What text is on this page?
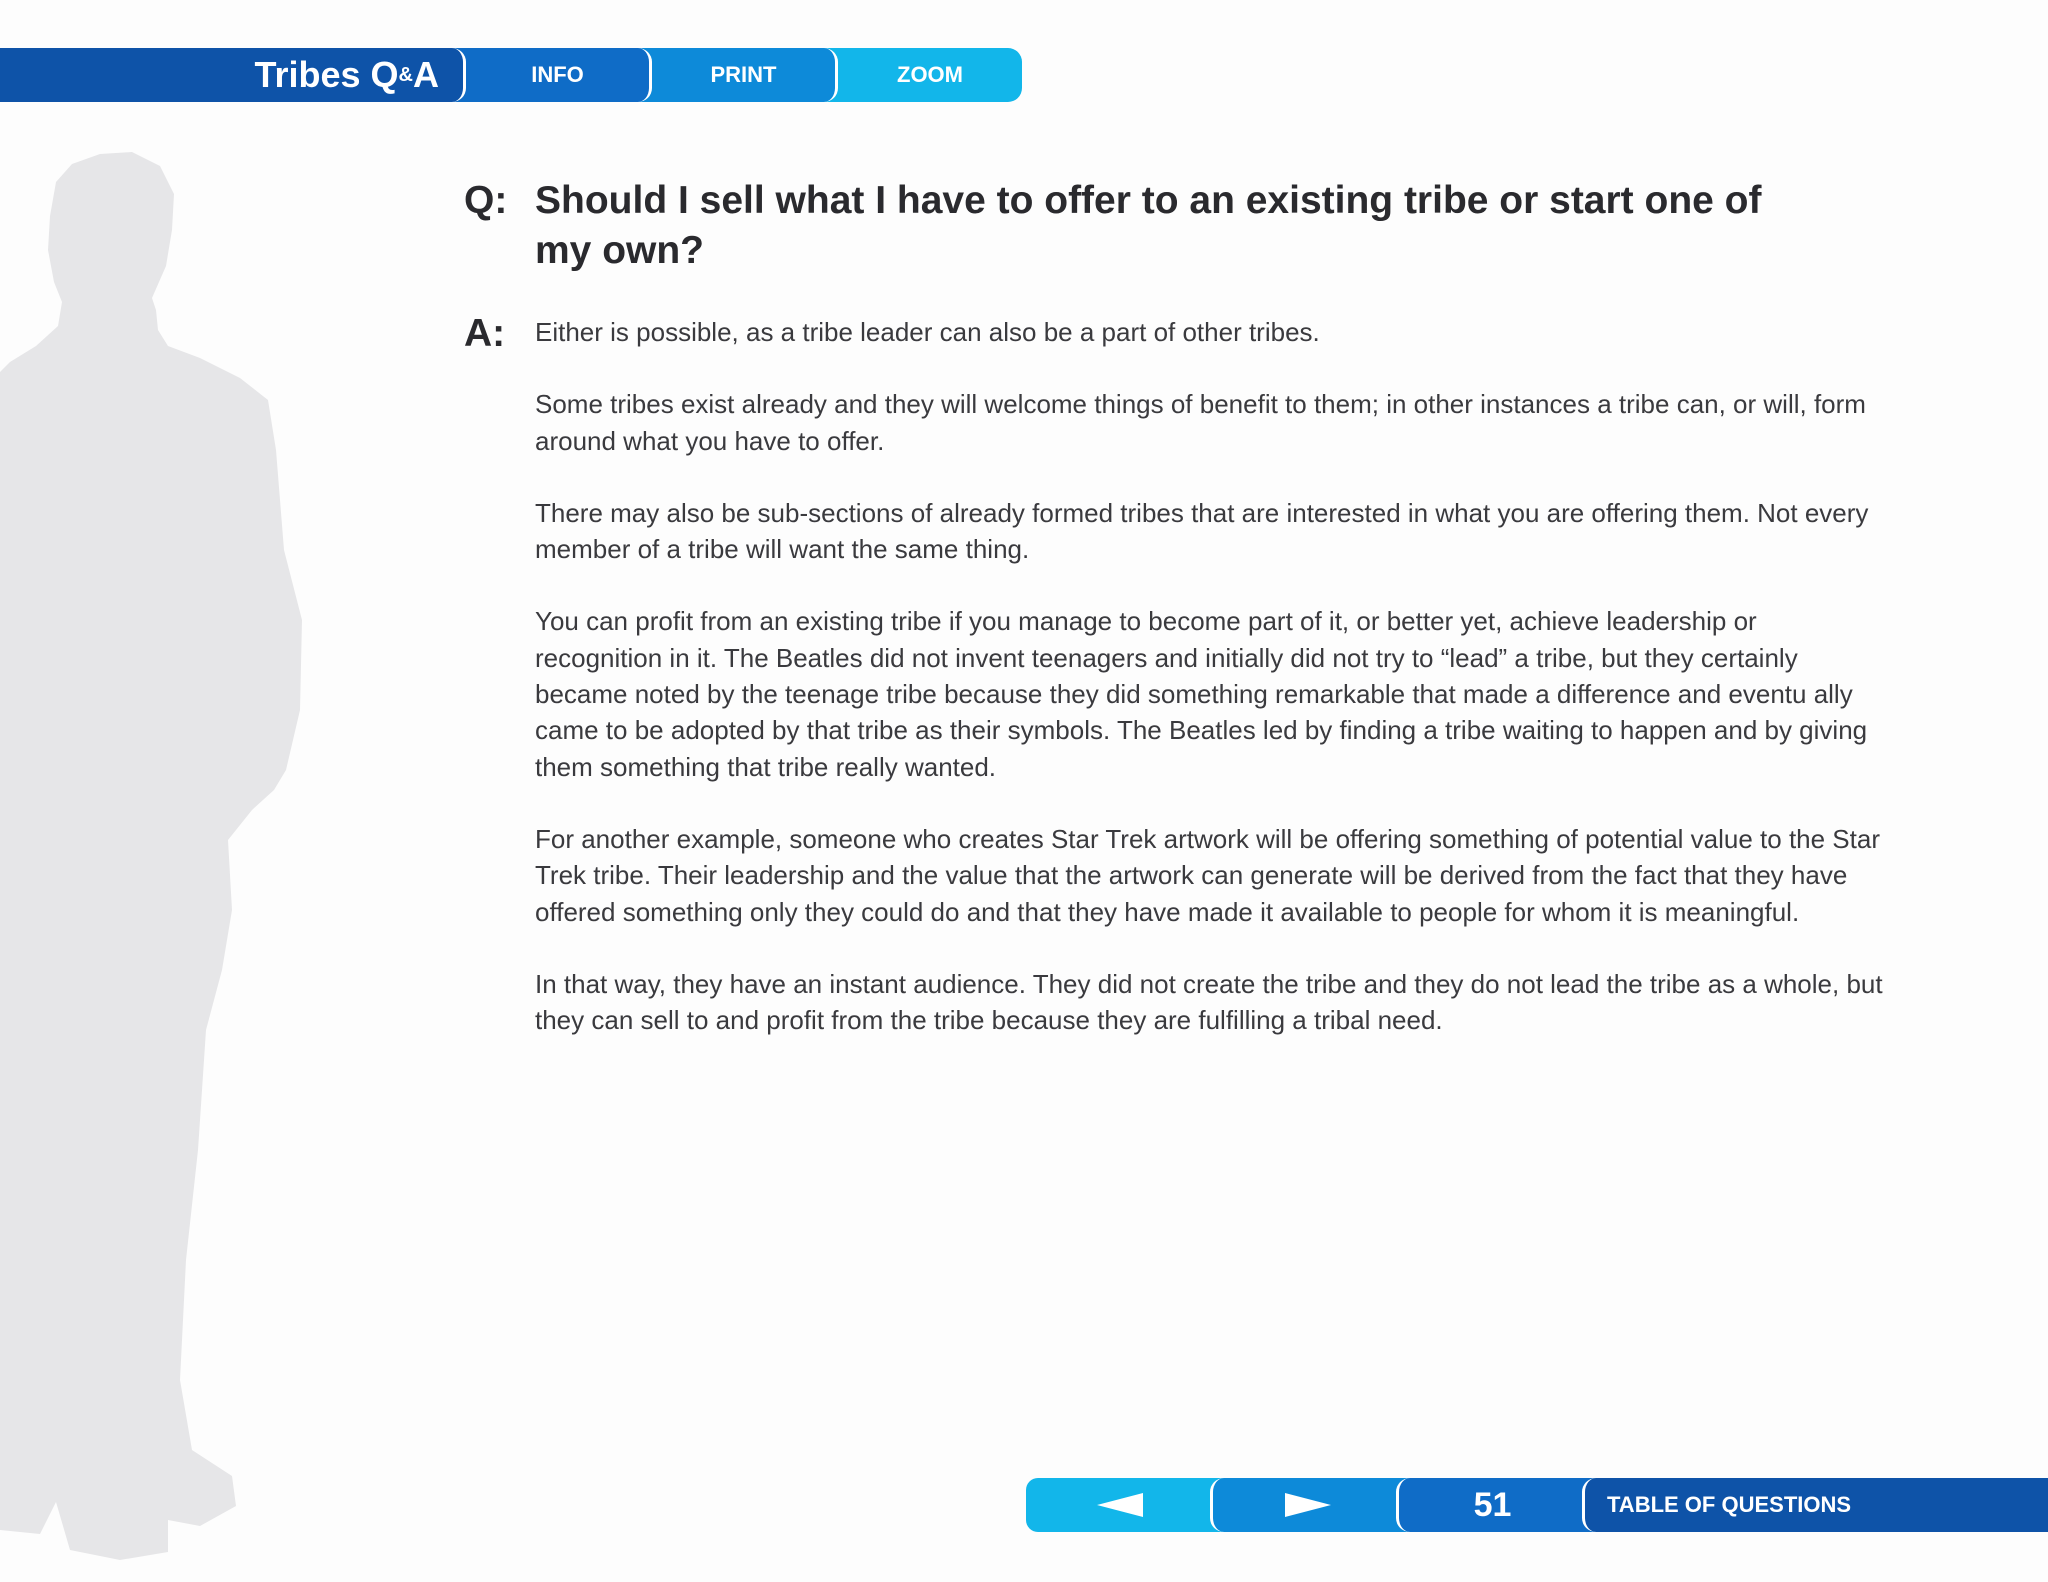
Tribes Q & A	INFO	PRINT	ZOOM
Q: Should I sell what I have to offer to an existing tribe or start one of my own?
A:	Either is possible, as a tribe leader can also be a part of other tribes.

Some tribes exist already and they will welcome things of benefit to them; in other instances a tribe can, or will, form around what you have to offer.

There may also be sub-sections of already formed tribes that are interested in what you are offering them. Not every member of a tribe will want the same thing.

You can profit from an existing tribe if you manage to become part of it, or better yet, achieve leadership or recognition in it. The Beatles did not invent teenagers and initially did not try to “lead” a tribe, but they certainly became noted by the teenage tribe because they did something remarkable that made a difference and eventu ally came to be adopted by that tribe as their symbols. The Beatles led by finding a tribe waiting to happen and by giving them something that tribe really wanted.

For another example, someone who creates Star Trek artwork will be offering something of potential value to the Star Trek tribe. Their leadership and the value that the artwork can generate will be derived from the fact that they have offered something only they could do and that they have made it available to people for whom it is meaningful.

In that way, they have an instant audience. They did not create the tribe and they do not lead the tribe as a whole, but they can sell to and profit from the tribe because they are fulfilling a tribal need.

51	TABLE OF QUESTIONS
